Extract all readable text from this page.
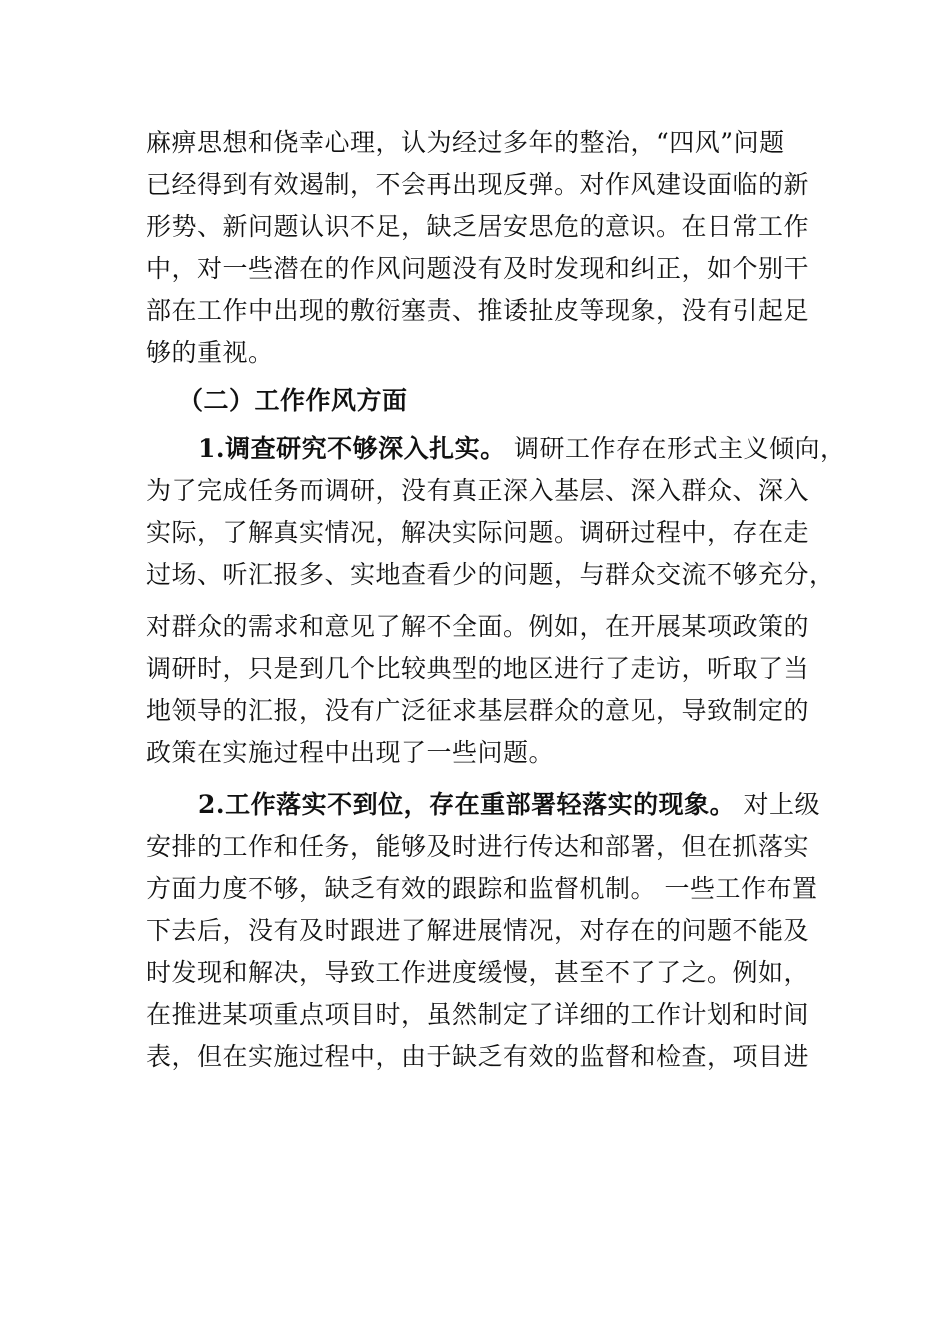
麻痹思想和侥幸心理，认为经过多年的整治，“四风”问题
已经得到有效遏制，不会再出现反弹。对作风建设面临的新
形势、新问题认识不足，缺乏居安思危的意识。在日常工作
中，对一些潜在的作风问题没有及时发现和纠正，如个别干
部在工作中出现的敷衍塞责、推诿扯皮等现象，没有引起足
够的重视。
（二）工作作风方面
1.调查研究不够深入扎实。 调研工作存在形式主义倾向，
为了完成任务而调研，没有真正深入基层、深入群众、深入
实际，了解真实情况，解决实际问题。调研过程中，存在走
过场、听汇报多、实地查看少的问题，与群众交流不够充分，
对群众的需求和意见了解不全面。例如，在开展某项政策的
调研时，只是到几个比较典型的地区进行了走访，听取了当
地领导的汇报，没有广泛征求基层群众的意见，导致制定的
政策在实施过程中出现了一些问题。
2.工作落实不到位，存在重部署轻落实的现象。 对上级
安排的工作和任务，能够及时进行传达和部署，但在抓落实
方面力度不够，缺乏有效的跟踪和监督机制。 一些工作布置
下去后，没有及时跟进了解进展情况，对存在的问题不能及
时发现和解决，导致工作进度缓慢，甚至不了了之。例如，
在推进某项重点项目时，虽然制定了详细的工作计划和时间
表，但在实施过程中，由于缺乏有效的监督和检查，项目进
